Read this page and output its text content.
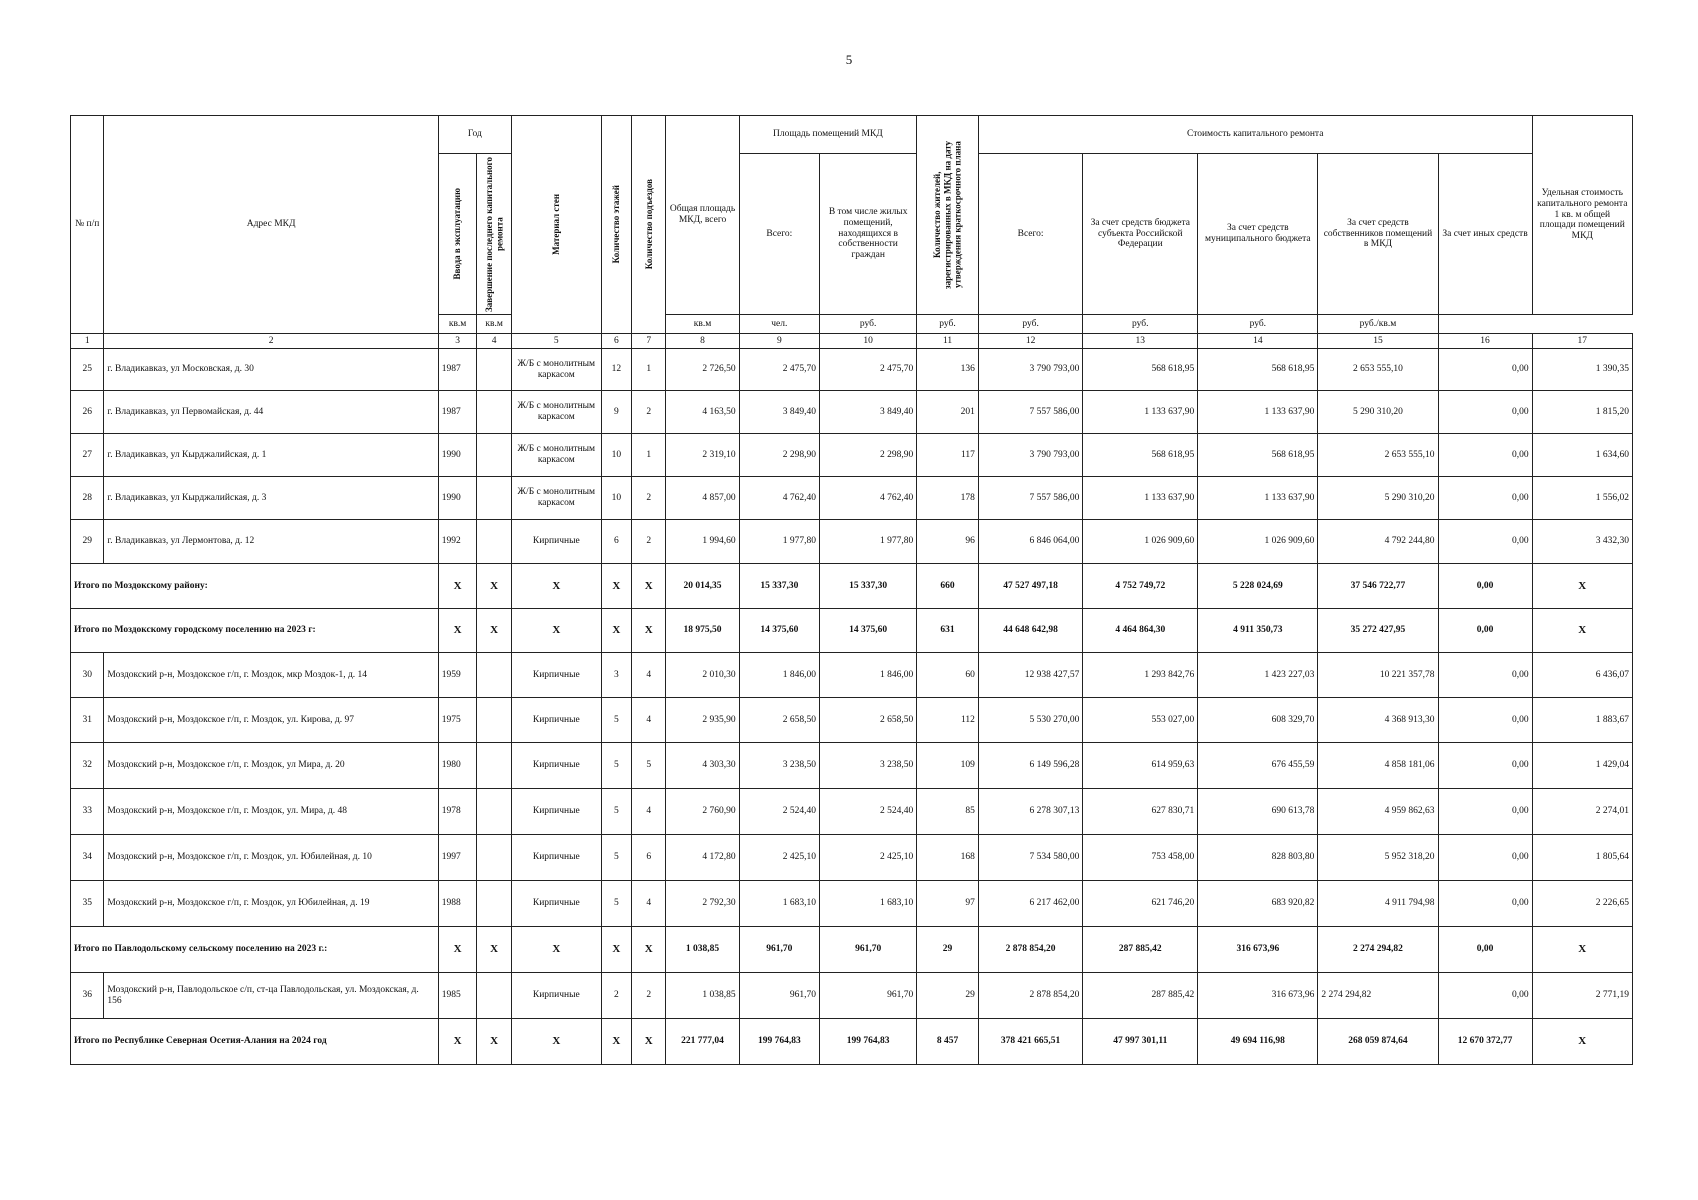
5
№ п/п	Адрес МКД	Год		Материал стен	Количество этажей	Количество подъездов	Общая площадь МКД, всего	Площадь помещений МКД		Количество жителей, зарегистрированных в МКД на дату утверждения краткосрочного плана	Стоимость капитального ремонта					Удельная стоимость капитального ремонта 1 кв. м общей площади помещений МКД

		Ввода в эксплуатацию	Завершение последнего капитального ремонта					Всего:	В том числе жилых помещений, находящихся в собственности граждан		Всего:	За счет средств бюджета субъекта Российской Федерации	За счет средств муниципального бюджета	За счет средств собственников помещений в МКД	За счет иных средств	
		кв.м	кв.м				кв.м	чел.	руб.	руб.	руб.	руб.	руб.	руб./кв.м		
1	2	3	4	5	6	7	8	9	10	11	12	13	14	15	16	17
25	г. Владикавказ, ул Московская, д. 30	1987		Ж/Б с монолитным каркасом	12	1	2 726,50	2 475,70	2 475,70	136	3 790 793,00	568 618,95	568 618,95	2 653 555,10	0,00	1 390,35
26	г. Владикавказ, ул Первомайская, д. 44	1987		Ж/Б с монолитным каркасом	9	2	4 163,50	3 849,40	3 849,40	201	7 557 586,00	1 133 637,90	1 133 637,90	5 290 310,20	0,00	1 815,20
27	г. Владикавказ, ул Кырджалийская, д. 1	1990		Ж/Б с монолитным каркасом	10	1	2 319,10	2 298,90	2 298,90	117	3 790 793,00	568 618,95	568 618,95	2 653 555,10	0,00	1 634,60
28	г. Владикавказ, ул Кырджалийская, д. 3	1990		Ж/Б с монолитным каркасом	10	2	4 857,00	4 762,40	4 762,40	178	7 557 586,00	1 133 637,90	1 133 637,90	5 290 310,20	0,00	1 556,02
29	г. Владикавказ, ул Лермонтова, д. 12	1992		Кирпичные	6	2	1 994,60	1 977,80	1 977,80	96	6 846 064,00	1 026 909,60	1 026 909,60	4 792 244,80	0,00	3 432,30
Итого по Моздокскому району:		X	X	X	X	X	20 014,35	15 337,30	15 337,30	660	47 527 497,18	4 752 749,72	5 228 024,69	37 546 722,77	0,00	X
Итого по Моздокскому городскому поселению на 2023 г:		X	X	X	X	X	18 975,50	14 375,60	14 375,60	631	44 648 642,98	4 464 864,30	4 911 350,73	35 272 427,95	0,00	X
30	Моздокский р-н, Моздокское г/п, г. Моздок, мкр Моздок-1, д. 14	1959		Кирпичные	3	4	2 010,30	1 846,00	1 846,00	60	12 938 427,57	1 293 842,76	1 423 227,03	10 221 357,78	0,00	6 436,07
31	Моздокский р-н, Моздокское г/п, г. Моздок, ул. Кирова, д. 97	1975		Кирпичные	5	4	2 935,90	2 658,50	2 658,50	112	5 530 270,00	553 027,00	608 329,70	4 368 913,30	0,00	1 883,67
32	Моздокский р-н, Моздокское г/п, г. Моздок, ул Мира, д. 20	1980		Кирпичные	5	5	4 303,30	3 238,50	3 238,50	109	6 149 596,28	614 959,63	676 455,59	4 858 181,06	0,00	1 429,04
33	Моздокский р-н, Моздокское г/п, г. Моздок, ул. Мира, д. 48	1978		Кирпичные	5	4	2 760,90	2 524,40	2 524,40	85	6 278 307,13	627 830,71	690 613,78	4 959 862,63	0,00	2 274,01
34	Моздокский р-н, Моздокское г/п, г. Моздок, ул. Юбилейная, д. 10	1997		Кирпичные	5	6	4 172,80	2 425,10	2 425,10	168	7 534 580,00	753 458,00	828 803,80	5 952 318,20	0,00	1 805,64
35	Моздокский р-н, Моздокское г/п, г. Моздок, ул Юбилейная, д. 19	1988		Кирпичные	5	4	2 792,30	1 683,10	1 683,10	97	6 217 462,00	621 746,20	683 920,82	4 911 794,98	0,00	2 226,65
Итого по Павлодольскому сельскому поселению на 2023 г.:		X	X	X	X	X	1 038,85	961,70	961,70	29	2 878 854,20	287 885,42	316 673,96	2 274 294,82	0,00	X
36	Моздокский р-н, Павлодольское с/п, ст-ца Павлодольская, ул. Моздокская, д. 156	1985		Кирпичные	2	2	1 038,85	961,70	961,70	29	2 878 854,20	287 885,42	316 673,96	2 274 294,82	0,00	2 771,19
Итого по Республике Северная Осетия-Алания на 2024 год		X	X	X	X	X	221 777,04	199 764,83	199 764,83	8 457	378 421 665,51	47 997 301,11	49 694 116,98	268 059 874,64	12 670 372,77	X
